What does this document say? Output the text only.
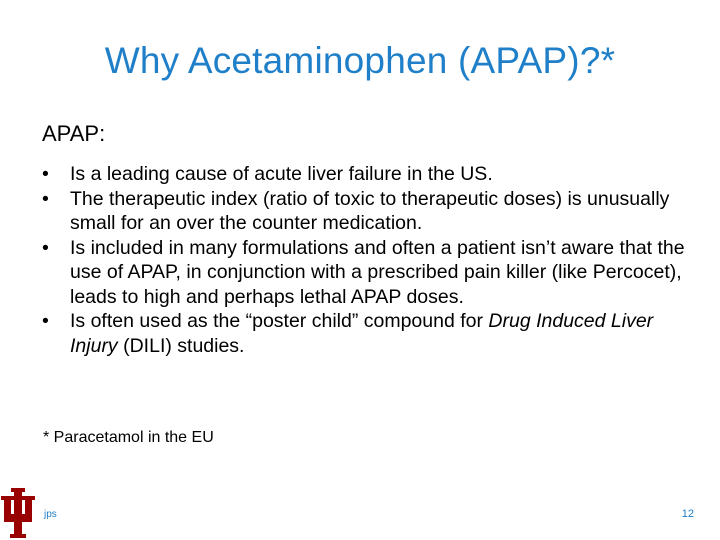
Why Acetaminophen (APAP)?*
APAP:
•	Is a leading cause of acute liver failure in the US.
•	The therapeutic index (ratio of toxic to therapeutic doses) is unusually small for an over the counter medication.
•	Is included in many formulations and often a patient isn’t aware that the use of APAP, in conjunction with a prescribed pain killer (like Percocet), leads to high and perhaps lethal APAP doses.
•	Is often used as the “poster child” compound for Drug Induced Liver Injury (DILI) studies.
* Paracetamol in the EU
jps	12
